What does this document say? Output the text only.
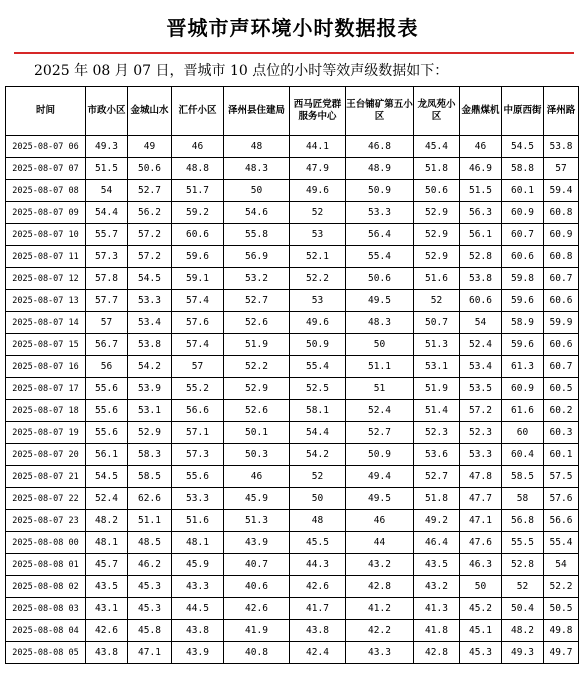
晋城市声环境小时数据报表
2025 年 08 月 07 日，晋城市 10 点位的小时等效声级数据如下：
时间	市政小区	金城山水	汇仟小区	泽州县住建局	西马匠党群服务中心	王台铺矿第五小区	龙凤苑小区	金鼎煤机	中原西街	泽州路
2025-08-07 06	49.3	49	46	48	44.1	46.8	45.4	46	54.5	53.8
2025-08-07 07	51.5	50.6	48.8	48.3	47.9	48.9	51.8	46.9	58.8	57
2025-08-07 08	54	52.7	51.7	50	49.6	50.9	50.6	51.5	60.1	59.4
2025-08-07 09	54.4	56.2	59.2	54.6	52	53.3	52.9	56.3	60.9	60.8
2025-08-07 10	55.7	57.2	60.6	55.8	53	56.4	52.9	56.1	60.7	60.9
2025-08-07 11	57.3	57.2	59.6	56.9	52.1	55.4	52.9	52.8	60.6	60.8
2025-08-07 12	57.8	54.5	59.1	53.2	52.2	50.6	51.6	53.8	59.8	60.7
2025-08-07 13	57.7	53.3	57.4	52.7	53	49.5	52	60.6	59.6	60.6
2025-08-07 14	57	53.4	57.6	52.6	49.6	48.3	50.7	54	58.9	59.9
2025-08-07 15	56.7	53.8	57.4	51.9	50.9	50	51.3	52.4	59.6	60.6
2025-08-07 16	56	54.2	57	52.2	55.4	51.1	53.1	53.4	61.3	60.7
2025-08-07 17	55.6	53.9	55.2	52.9	52.5	51	51.9	53.5	60.9	60.5
2025-08-07 18	55.6	53.1	56.6	52.6	58.1	52.4	51.4	57.2	61.6	60.2
2025-08-07 19	55.6	52.9	57.1	50.1	54.4	52.7	52.3	52.3	60	60.3
2025-08-07 20	56.1	58.3	57.3	50.3	54.2	50.9	53.6	53.3	60.4	60.1
2025-08-07 21	54.5	58.5	55.6	46	52	49.4	52.7	47.8	58.5	57.5
2025-08-07 22	52.4	62.6	53.3	45.9	50	49.5	51.8	47.7	58	57.6
2025-08-07 23	48.2	51.1	51.6	51.3	48	46	49.2	47.1	56.8	56.6
2025-08-08 00	48.1	48.5	48.1	43.9	45.5	44	46.4	47.6	55.5	55.4
2025-08-08 01	45.7	46.2	45.9	40.7	44.3	43.2	43.5	46.3	52.8	54
2025-08-08 02	43.5	45.3	43.3	40.6	42.6	42.8	43.2	50	52	52.2
2025-08-08 03	43.1	45.3	44.5	42.6	41.7	41.2	41.3	45.2	50.4	50.5
2025-08-08 04	42.6	45.8	43.8	41.9	43.8	42.2	41.8	45.1	48.2	49.8
2025-08-08 05	43.8	47.1	43.9	40.8	42.4	43.3	42.8	45.3	49.3	49.7
